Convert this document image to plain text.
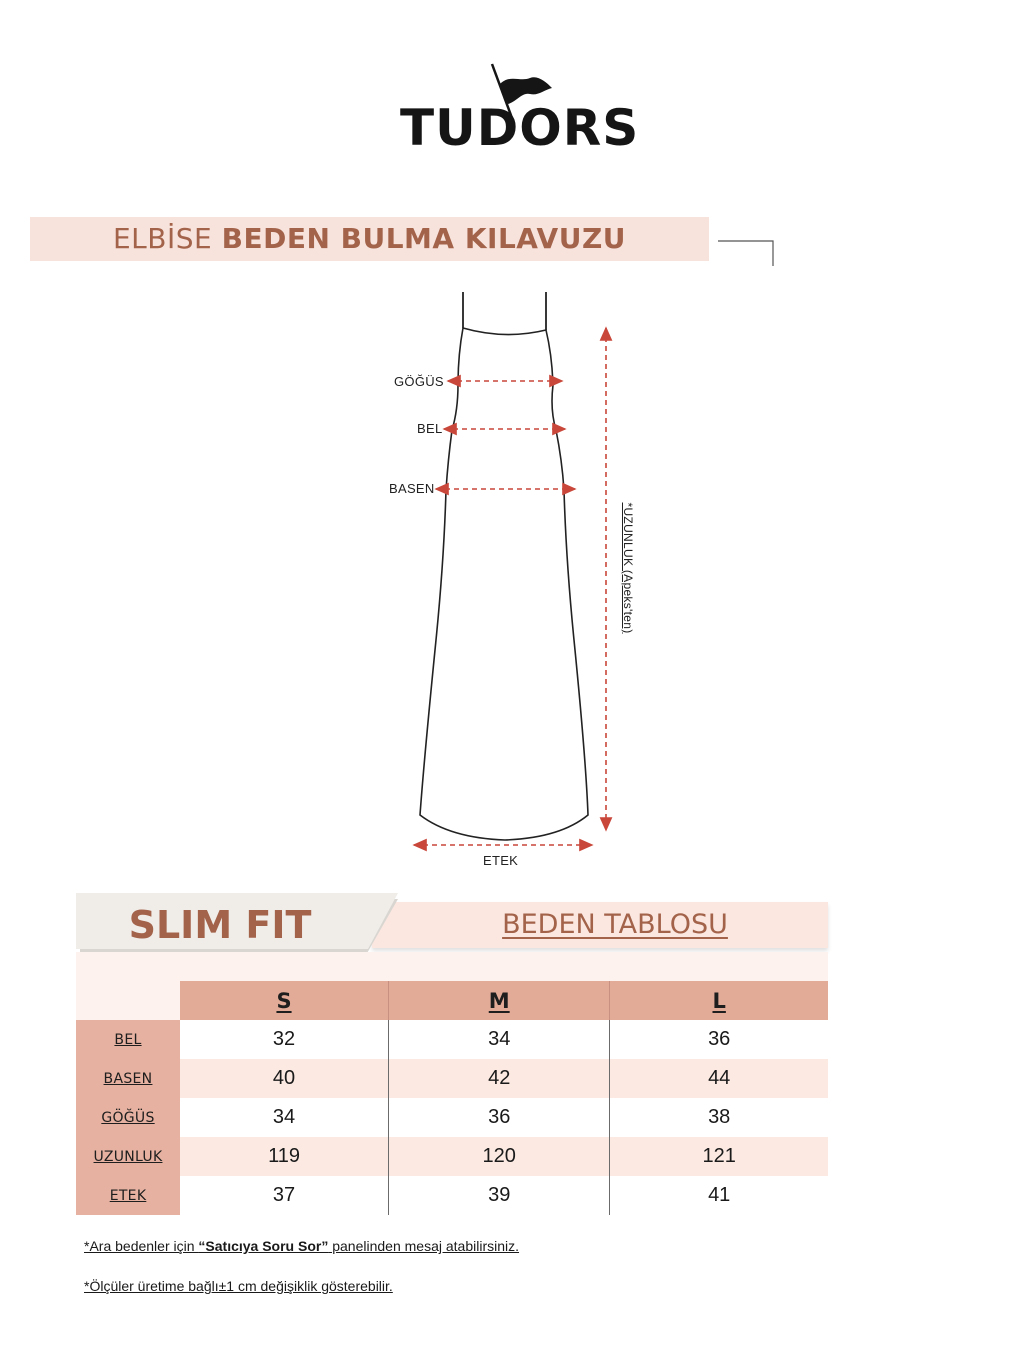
TUDORS
ELBİSE BEDEN BULMA KILAVUZU
GÖĞÜS
BEL
BASEN
ETEK
*UZUNLUK (Apeks'ten)
SLIM FIT	BEDEN TABLOSU
	S	M	L
BEL	32	34	36
BASEN	40	42	44
GÖĞÜS	34	36	38
UZUNLUK	119	120	121
ETEK	37	39	41
*Ara bedenler için “Satıcıya Soru Sor” panelinden mesaj atabilirsiniz.
*Ölçüler üretime bağlı±1 cm değişiklik gösterebilir.
